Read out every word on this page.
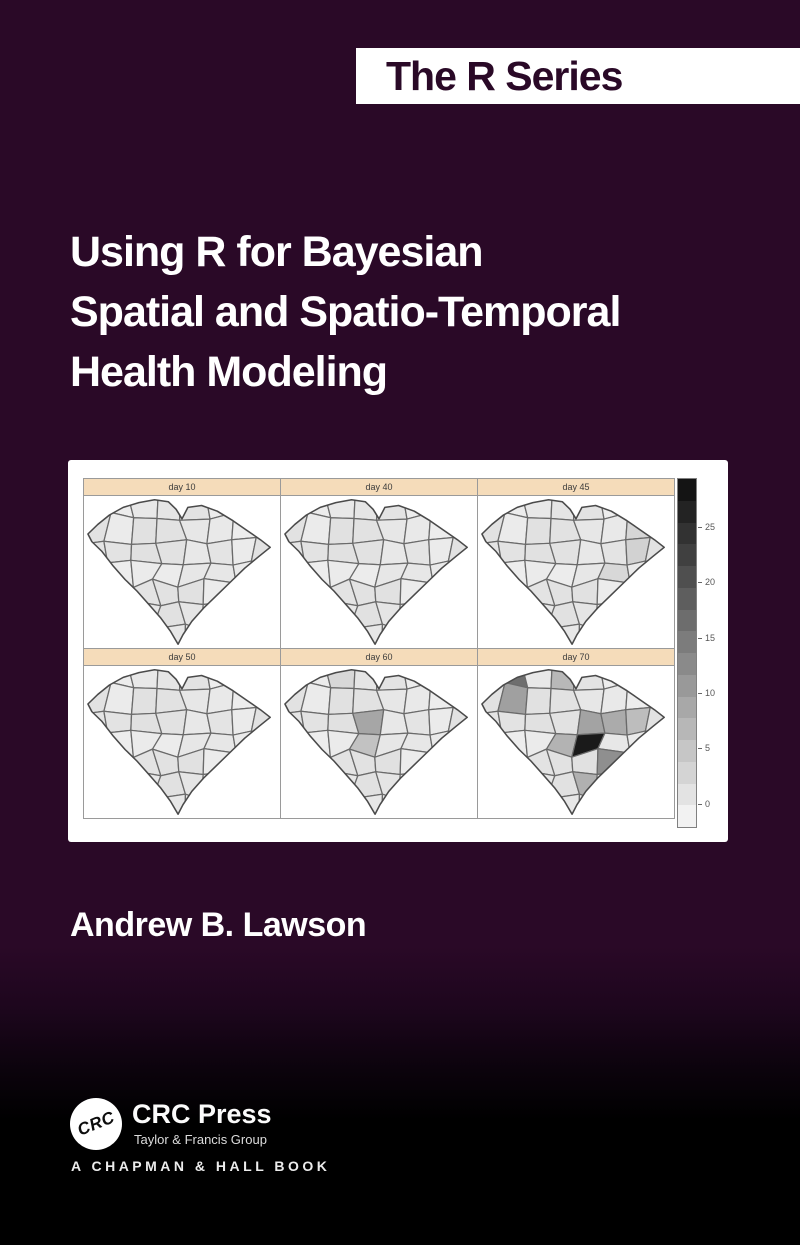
The R Series
Using R for Bayesian
Spatial and Spatio-Temporal
Health Modeling
day 10	day 40	day 45
day 50	day 60	day 70
25
20
15
10
5
0
Andrew B. Lawson
CRC CRC Press
Taylor & Francis Group
A CHAPMAN & HALL BOOK
